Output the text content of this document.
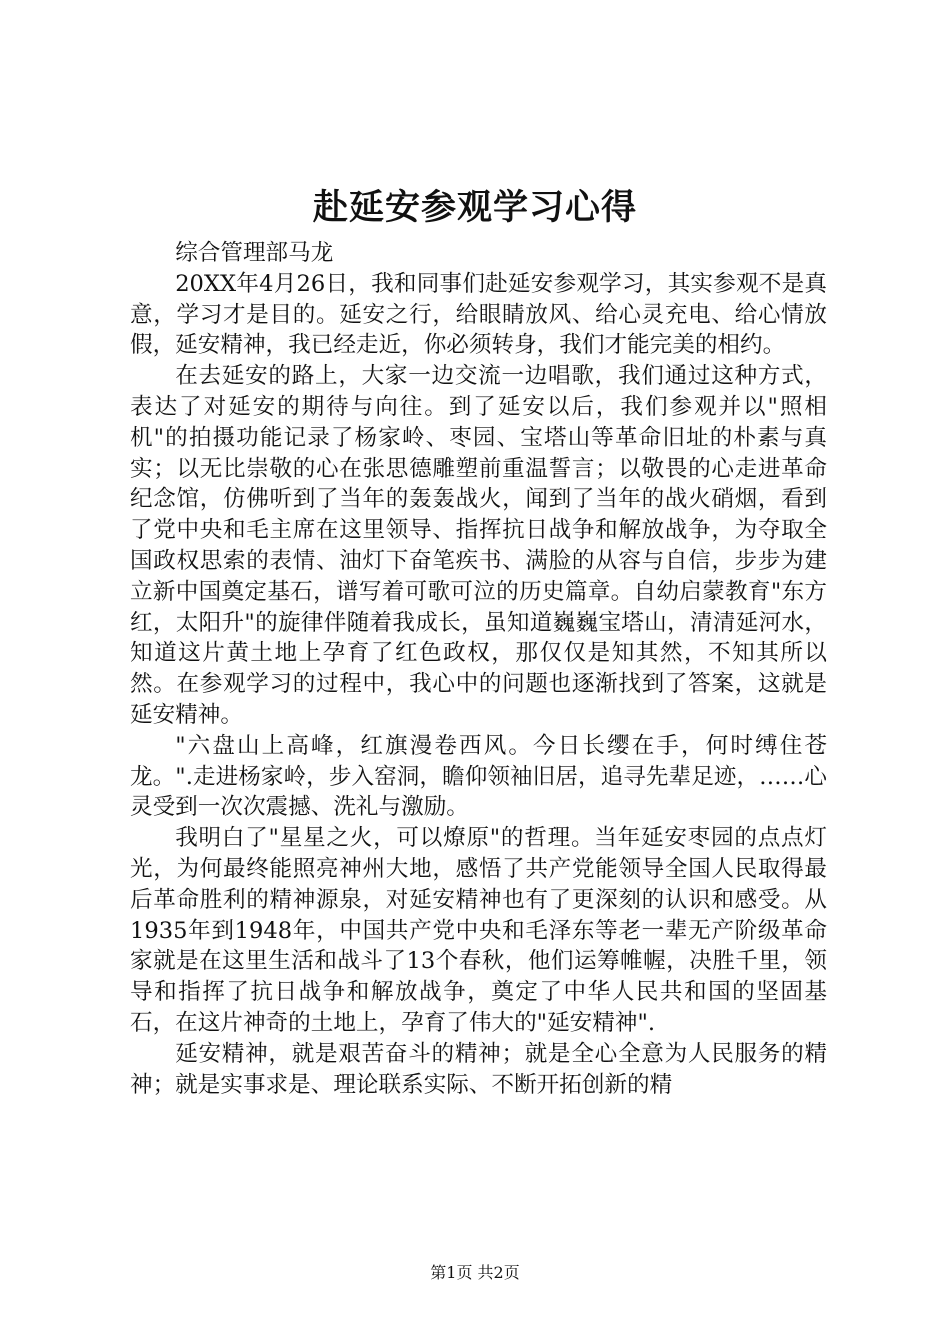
赴延安参观学习心得

综合管理部马龙

20XX年4月26日，我和同事们赴延安参观学习，其实参观不是真意，学习才是目的。延安之行，给眼睛放风、给心灵充电、给心情放假，延安精神，我已经走近，你必须转身，我们才能完美的相约。

在去延安的路上，大家一边交流一边唱歌，我们通过这种方式，表达了对延安的期待与向往。到了延安以后，我们参观并以"照相机"的拍摄功能记录了杨家岭、枣园、宝塔山等革命旧址的朴素与真实；以无比崇敬的心在张思德雕塑前重温誓言；以敬畏的心走进革命纪念馆，仿佛听到了当年的轰轰战火，闻到了当年的战火硝烟，看到了党中央和毛主席在这里领导、指挥抗日战争和解放战争，为夺取全国政权思索的表情、油灯下奋笔疾书、满脸的从容与自信，步步为建立新中国奠定基石，谱写着可歌可泣的历史篇章。自幼启蒙教育"东方红，太阳升"的旋律伴随着我成长，虽知道巍巍宝塔山，清清延河水，知道这片黄土地上孕育了红色政权，那仅仅是知其然，不知其所以然。在参观学习的过程中，我心中的问题也逐渐找到了答案，这就是延安精神。

"六盘山上高峰，红旗漫卷西风。今日长缨在手，何时缚住苍龙。".走进杨家岭，步入窑洞，瞻仰领袖旧居，追寻先辈足迹，……心灵受到一次次震撼、洗礼与激励。

我明白了"星星之火，可以燎原"的哲理。当年延安枣园的点点灯光，为何最终能照亮神州大地，感悟了共产党能领导全国人民取得最后革命胜利的精神源泉，对延安精神也有了更深刻的认识和感受。从1935年到1948年，中国共产党中央和毛泽东等老一辈无产阶级革命家就是在这里生活和战斗了13个春秋，他们运筹帷幄，决胜千里，领导和指挥了抗日战争和解放战争，奠定了中华人民共和国的坚固基石，在这片神奇的土地上，孕育了伟大的"延安精神".

延安精神，就是艰苦奋斗的精神；就是全心全意为人民服务的精神；就是实事求是、理论联系实际、不断开拓创新的精

第1页 共2页
